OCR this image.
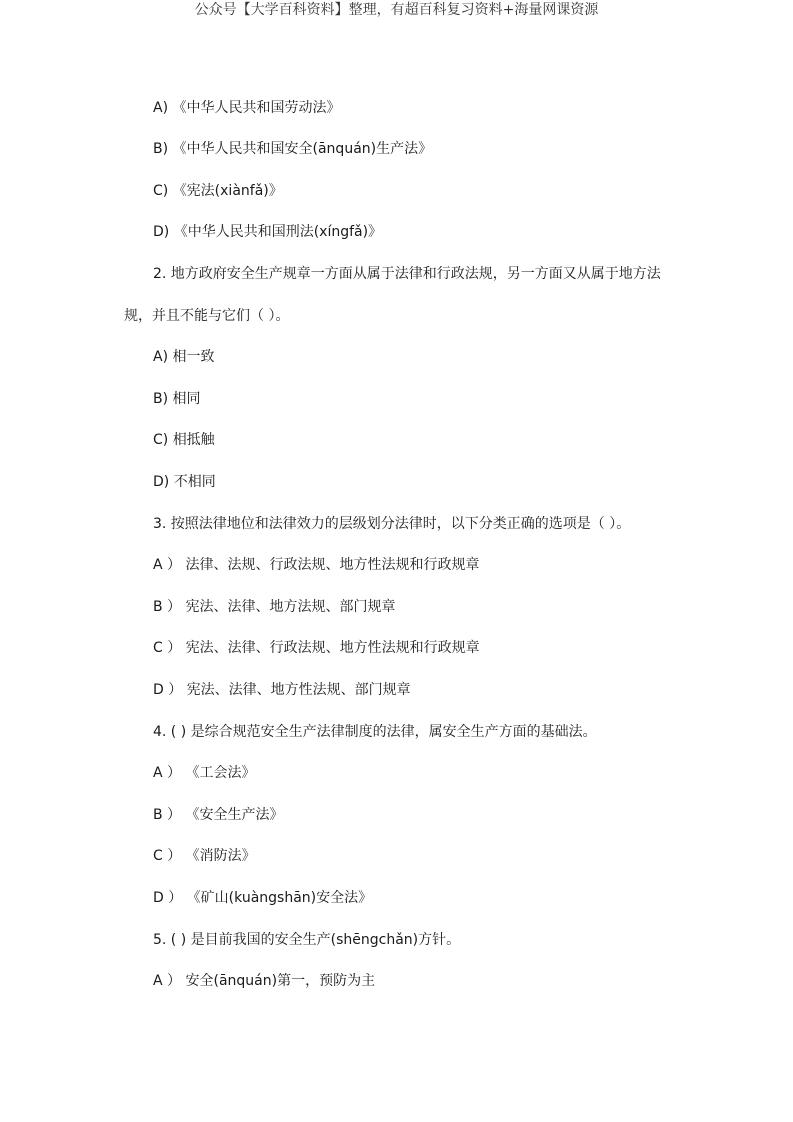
公众号【大学百科资料】整理，有超百科复习资料+海量网课资源
A) 《中华人民共和国劳动法》
B) 《中华人民共和国安全(ānquán)生产法》
C) 《宪法(xiànfǎ)》
D) 《中华人民共和国刑法(xíngfǎ)》
2. 地方政府安全生产规章一方面从属于法律和行政法规，另一方面又从属于地方法
规，并且不能与它们（ ）。
A) 相一致
B) 相同
C) 相抵触
D) 不相同
3. 按照法律地位和法律效力的层级划分法律时，以下分类正确的选项是（ ）。
A ） 法律、法规、行政法规、地方性法规和行政规章
B ） 宪法、法律、地方法规、部门规章
C ） 宪法、法律、行政法规、地方性法规和行政规章
D ） 宪法、法律、地方性法规、部门规章
4. ( ) 是综合规范安全生产法律制度的法律，属安全生产方面的基础法。
A ） 《工会法》
B ） 《安全生产法》
C ） 《消防法》
D ） 《矿山(kuàngshān)安全法》
5. ( ) 是目前我国的安全生产(shēngchǎn)方针。
A ） 安全(ānquán)第一，预防为主
